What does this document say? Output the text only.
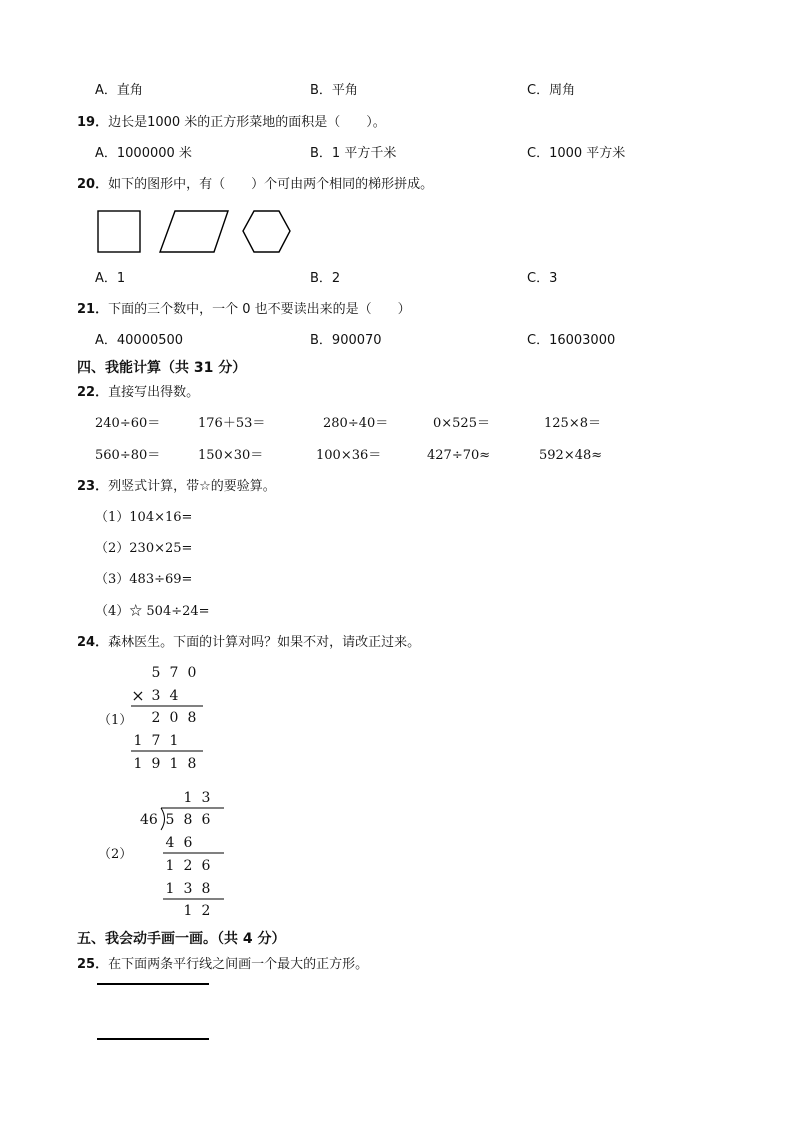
A．直角	B．平角	C．周角
19．边长是1000 米的正方形菜地的面积是（　　）。
A．1000000 米	B．1 平方千米	C．1000 平方米
20．如下的图形中，有（　　）个可由两个相同的梯形拼成。
A．1	B．2	C．3
21．下面的三个数中，一个 0 也不要读出来的是（　　）
A．40000500	B．900070	C．16003000
四、我能计算（共 31 分）
22．直接写出得数。
240÷60＝	176＋53＝	280÷40＝	0×525＝	125×8＝
560÷80＝	150×30＝	100×36＝	427÷70≈	592×48≈
23．列竖式计算，带☆的要验算。
（1）104×16=
（2）230×25=
（3）483÷69=
（4）☆ 504÷24=
24．森林医生。下面的计算对吗？如果不对，请改正过来。
（1）
5 7 0
× 3 4
2 0 8
1 7 1
1 9 1 8
（2）
1 3
46 5 8 6
4 6
1 2 6
1 3 8
1 2
五、我会动手画一画。（共 4 分）
25．在下面两条平行线之间画一个最大的正方形。
